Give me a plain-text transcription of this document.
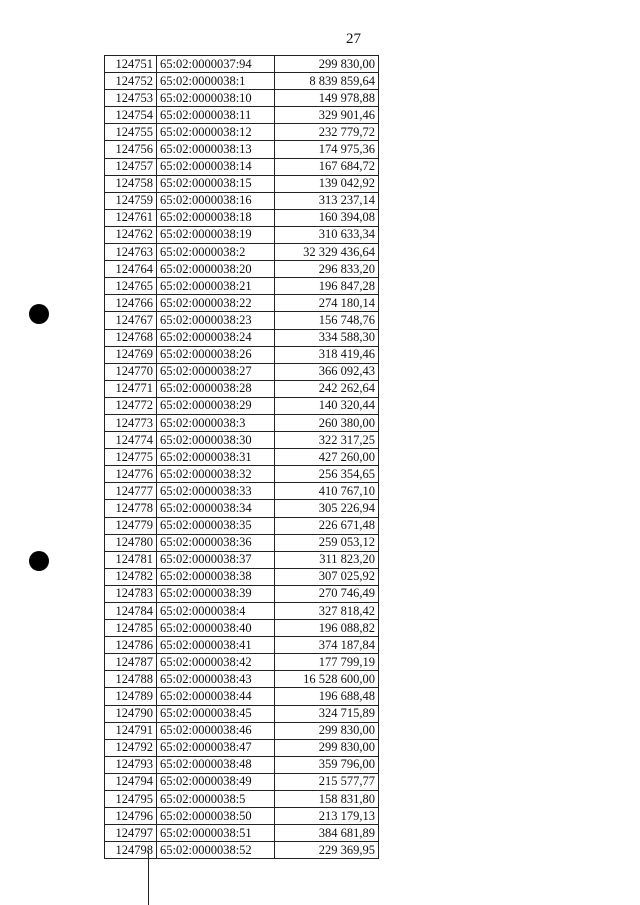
27
124751	65:02:0000037:94	299 830,00
124752	65:02:0000038:1	8 839 859,64
124753	65:02:0000038:10	149 978,88
124754	65:02:0000038:11	329 901,46
124755	65:02:0000038:12	232 779,72
124756	65:02:0000038:13	174 975,36
124757	65:02:0000038:14	167 684,72
124758	65:02:0000038:15	139 042,92
124759	65:02:0000038:16	313 237,14
124761	65:02:0000038:18	160 394,08
124762	65:02:0000038:19	310 633,34
124763	65:02:0000038:2	32 329 436,64
124764	65:02:0000038:20	296 833,20
124765	65:02:0000038:21	196 847,28
124766	65:02:0000038:22	274 180,14
124767	65:02:0000038:23	156 748,76
124768	65:02:0000038:24	334 588,30
124769	65:02:0000038:26	318 419,46
124770	65:02:0000038:27	366 092,43
124771	65:02:0000038:28	242 262,64
124772	65:02:0000038:29	140 320,44
124773	65:02:0000038:3	260 380,00
124774	65:02:0000038:30	322 317,25
124775	65:02:0000038:31	427 260,00
124776	65:02:0000038:32	256 354,65
124777	65:02:0000038:33	410 767,10
124778	65:02:0000038:34	305 226,94
124779	65:02:0000038:35	226 671,48
124780	65:02:0000038:36	259 053,12
124781	65:02:0000038:37	311 823,20
124782	65:02:0000038:38	307 025,92
124783	65:02:0000038:39	270 746,49
124784	65:02:0000038:4	327 818,42
124785	65:02:0000038:40	196 088,82
124786	65:02:0000038:41	374 187,84
124787	65:02:0000038:42	177 799,19
124788	65:02:0000038:43	16 528 600,00
124789	65:02:0000038:44	196 688,48
124790	65:02:0000038:45	324 715,89
124791	65:02:0000038:46	299 830,00
124792	65:02:0000038:47	299 830,00
124793	65:02:0000038:48	359 796,00
124794	65:02:0000038:49	215 577,77
124795	65:02:0000038:5	158 831,80
124796	65:02:0000038:50	213 179,13
124797	65:02:0000038:51	384 681,89
124798	65:02:0000038:52	229 369,95
